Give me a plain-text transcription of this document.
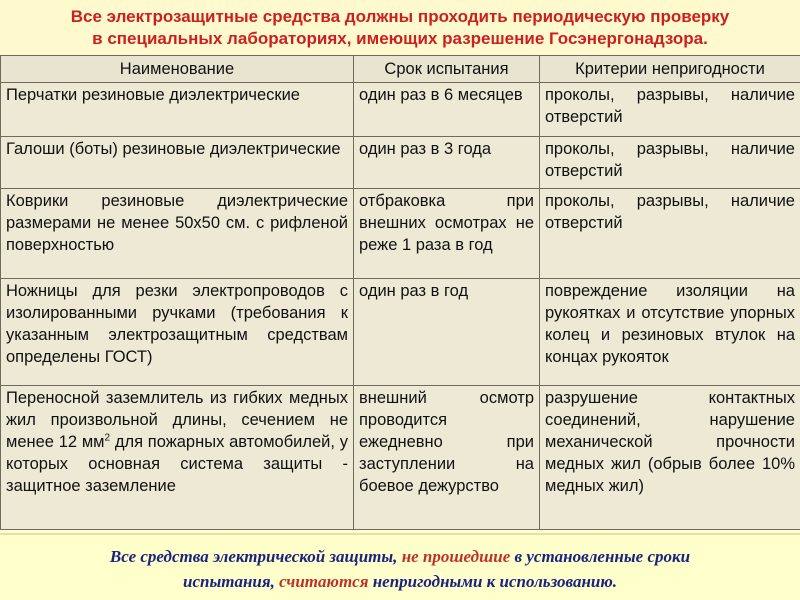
Все электрозащитные средства должны проходить периодическую проверку
в специальных лабораториях, имеющих разрешение Госэнергонадзора.
Наименование	Срок испытания	Критерии непригодности
Перчатки резиновые диэлектрические	один раз в 6 месяцев	проколы, разрывы, наличие отверстий
Галоши (боты) резиновые диэлектрические	один раз в 3 года	проколы, разрывы, наличие отверстий
Коврики резиновые диэлектрические размерами не менее 50х50 см. с рифленой поверхностью	отбраковка при внешних осмотрах не реже 1 раза в год	проколы, разрывы, наличие отверстий
Ножницы для резки электропроводов с изолированными ручками (требования к указанным электрозащитным средствам определены ГОСТ)	один раз в год	повреждение изоляции на рукоятках и отсутствие упорных колец и резиновых втулок на концах рукояток
Переносной заземлитель из гибких медных жил произвольной длины, сечением не менее 12 $мм^2$ для пожарных автомобилей, у которых основная система защиты - защитное заземление	внешний осмотр проводится ежедневно при заступлении на боевое дежурство	разрушение контактных соединений, нарушение механической прочности медных жил (обрыв более 10% медных жил)
Все средства электрической защиты, не прошедшие в установленные сроки
испытания, считаются непригодными к использованию.
